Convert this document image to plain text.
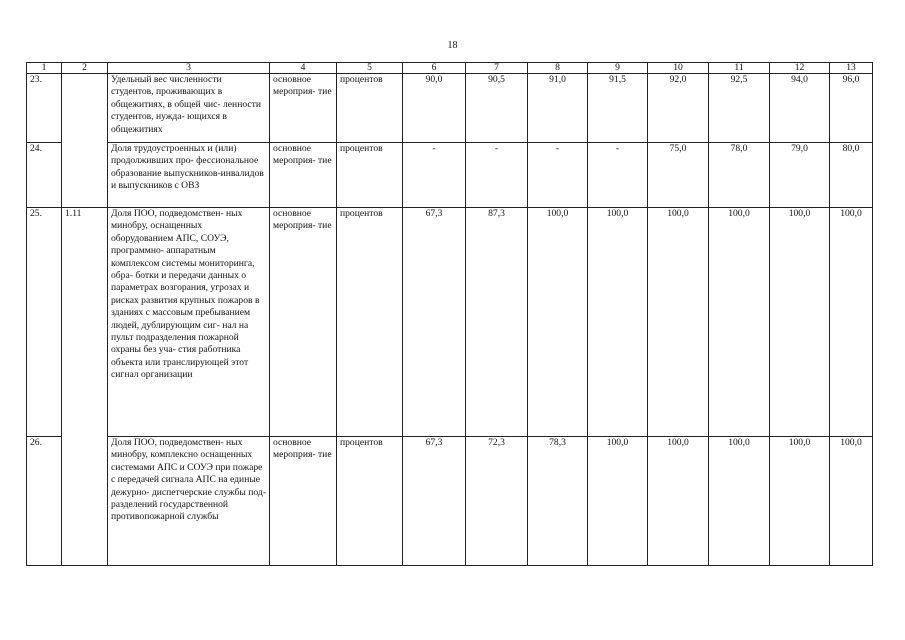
18
1	2	3	4	5	6	7	8	9	10	11	12	13
23.		Удельный вес численности студентов, проживающих в общежитиях, в общей чис- ленности студентов, нужда- ющихся в общежитиях	основное мероприя- тие	процентов	90,0	90,5	91,0	91,5	92,0	92,5	94,0	96,0
24.		Доля трудоустроенных и (или) продолживших про- фессиональное образование выпускников-инвалидов и выпускников с ОВЗ	основное мероприя- тие	процентов	-	-	-	-	75,0	78,0	79,0	80,0
25.	1.11	Доля ПОО, подведомствен- ных минобру, оснащенных оборудованием АПС, СОУЭ, программно- аппаратным комплексом системы мониторинга, обра- ботки и передачи данных о параметрах возгорания, угрозах и рисках развития крупных пожаров в зданиях с массовым пребыванием людей, дублирующим сиг- нал на пульт подразделения пожарной охраны без уча- стия работника объекта или транслирующей этот сигнал организации	основное мероприя- тие	процентов	67,3	87,3	100,0	100,0	100,0	100,0	100,0	100,0
26.		Доля ПОО, подведомствен- ных минобру, комплексно оснащенных системами АПС и СОУЭ при пожаре с передачей сигнала АПС на единые дежурно- диспетчерские службы под- разделений государственной противопожарной службы	основное мероприя- тие	процентов	67,3	72,3	78,3	100,0	100,0	100,0	100,0	100,0
